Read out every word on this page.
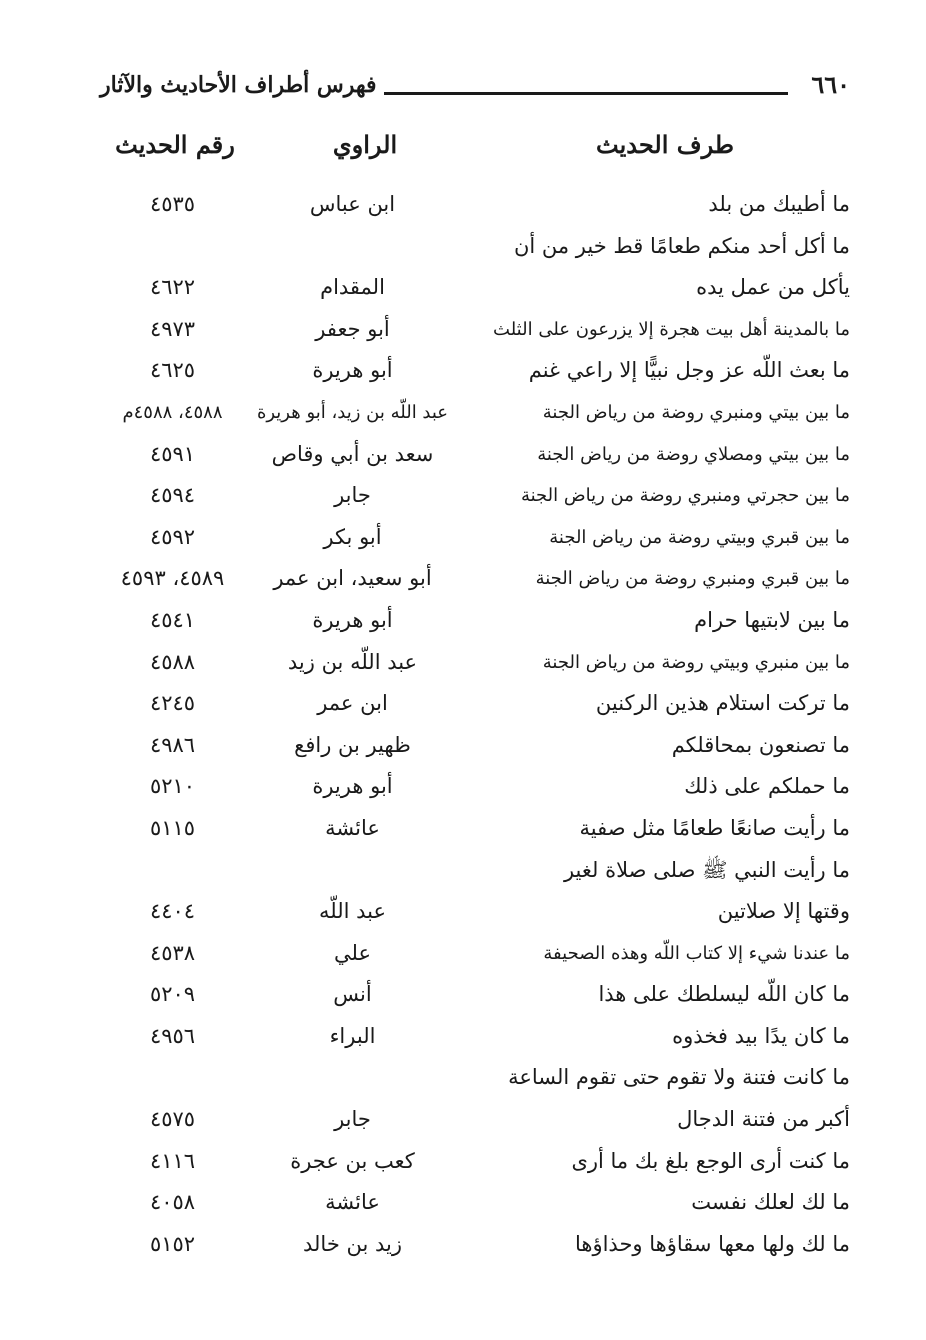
٦٦٠
فهرس أطراف الأحاديث والآثار
طرف الحديث
الراوي
رقم الحديث
ما أطيبك من بلد
ابن عباس
٤٥٣٥
ما أكل أحد منكم طعامًا قط خير من أن
يأكل من عمل يده
المقدام
٤٦٢٢
ما بالمدينة أهل بيت هجرة إلا يزرعون على الثلث
أبو جعفر
٤٩٧٣
ما بعث اللّه عز وجل نبيًّا إلا راعي غنم
أبو هريرة
٤٦٢٥
ما بين بيتي ومنبري روضة من رياض الجنة
عبد اللّه بن زيد، أبو هريرة
٤٥٨٨، ٤٥٨٨م
ما بين بيتي ومصلاي روضة من رياض الجنة
سعد بن أبي وقاص
٤٥٩١
ما بين حجرتي ومنبري روضة من رياض الجنة
جابر
٤٥٩٤
ما بين قبري وبيتي روضة من رياض الجنة
أبو بكر
٤٥٩٢
ما بين قبري ومنبري روضة من رياض الجنة
أبو سعيد، ابن عمر
٤٥٨٩، ٤٥٩٣
ما بين لابتيها حرام
أبو هريرة
٤٥٤١
ما بين منبري وبيتي روضة من رياض الجنة
عبد اللّه بن زيد
٤٥٨٨
ما تركت استلام هذين الركنين
ابن عمر
٤٢٤٥
ما تصنعون بمحاقلكم
ظهير بن رافع
٤٩٨٦
ما حملكم على ذلك
أبو هريرة
٥٢١٠
ما رأيت صانعًا طعامًا مثل صفية
عائشة
٥١١٥
ما رأيت النبي ﷺ صلى صلاة لغير
وقتها إلا صلاتين
عبد اللّه
٤٤٠٤
ما عندنا شيء إلا كتاب اللّه وهذه الصحيفة
علي
٤٥٣٨
ما كان اللّه ليسلطك على هذا
أنس
٥٢٠٩
ما كان يدًا بيد فخذوه
البراء
٤٩٥٦
ما كانت فتنة ولا تقوم حتى تقوم الساعة
أكبر من فتنة الدجال
جابر
٤٥٧٥
ما كنت أرى الوجع بلغ بك ما أرى
كعب بن عجرة
٤١١٦
ما لك لعلك نفست
عائشة
٤٠٥٨
ما لك ولها معها سقاؤها وحذاؤها
زيد بن خالد
٥١٥٢
